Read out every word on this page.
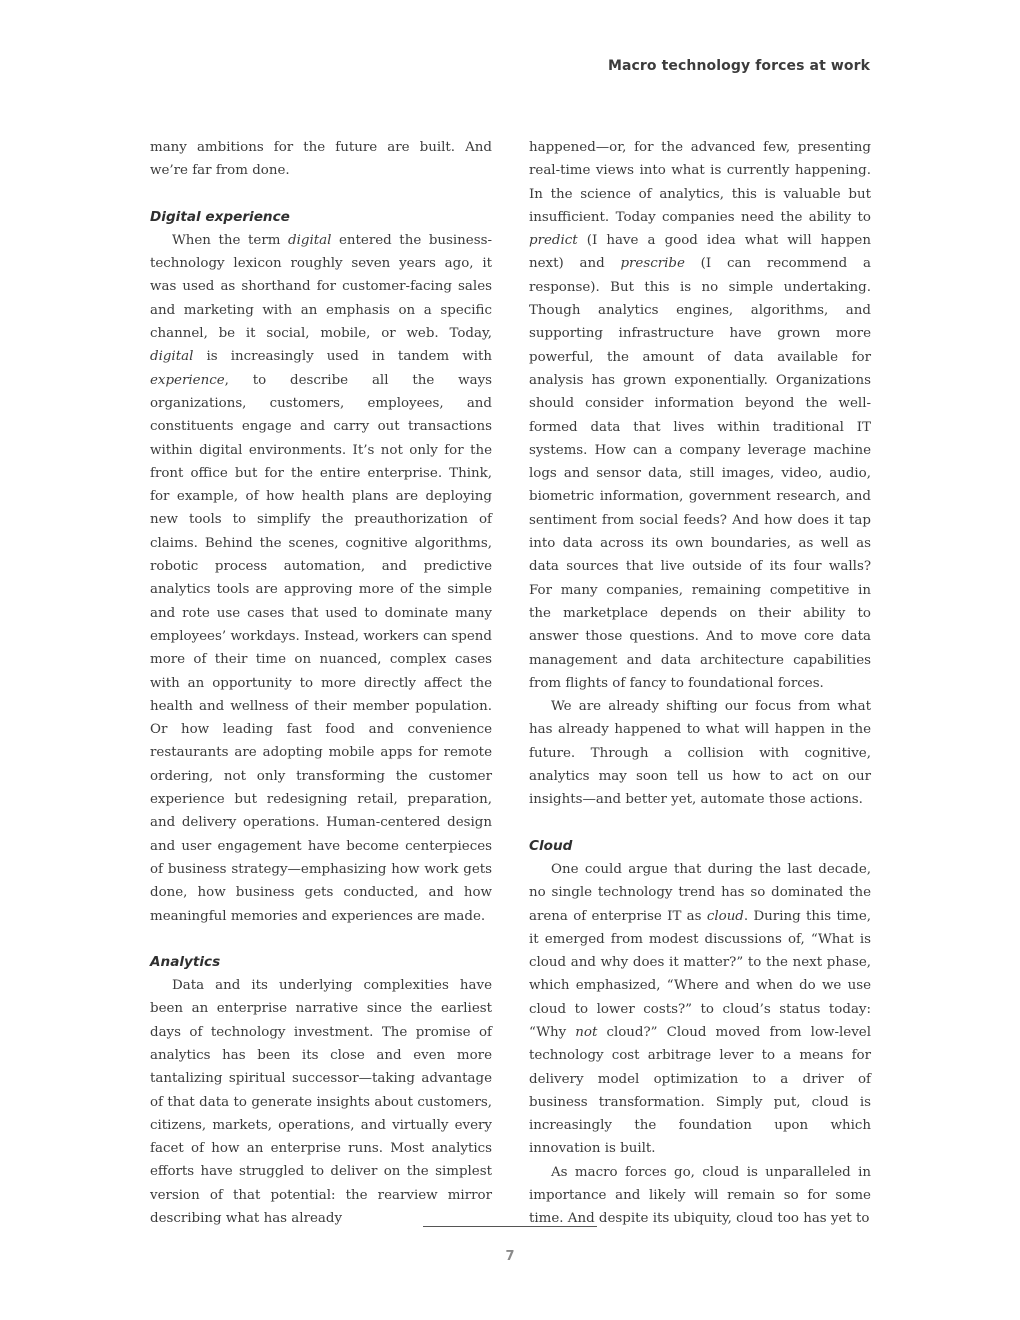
Macro technology forces at work

many ambitions for the future are built. And we’re far from done.

Digital experience

When the term digital entered the business-technology lexicon roughly seven years ago, it was used as shorthand for customer-facing sales and marketing with an emphasis on a specific channel, be it social, mobile, or web. Today, digital is increasingly used in tandem with experience, to describe all the ways organizations, customers, employees, and constituents engage and carry out transactions within digital environments. It’s not only for the front office but for the entire enterprise. Think, for example, of how health plans are deploying new tools to simplify the preauthorization of claims. Behind the scenes, cognitive algorithms, robotic process automation, and predictive analytics tools are approving more of the simple and rote use cases that used to dominate many employees’ workdays. Instead, workers can spend more of their time on nuanced, complex cases with an opportunity to more directly affect the health and wellness of their member population. Or how leading fast food and convenience restaurants are adopting mobile apps for remote ordering, not only transforming the customer experience but redesigning retail, preparation, and delivery operations. Human-centered design and user engagement have become centerpieces of business strategy—emphasizing how work gets done, how business gets conducted, and how meaningful memories and experiences are made.

Analytics

Data and its underlying complexities have been an enterprise narrative since the earliest days of technology investment. The promise of analytics has been its close and even more tantalizing spiritual successor—taking advantage of that data to generate insights about customers, citizens, markets, operations, and virtually every facet of how an enterprise runs. Most analytics efforts have struggled to deliver on the simplest version of that potential: the rearview mirror describing what has already

happened—or, for the advanced few, presenting real-time views into what is currently happening. In the science of analytics, this is valuable but insufficient. Today companies need the ability to predict (I have a good idea what will happen next) and prescribe (I can recommend a response). But this is no simple undertaking. Though analytics engines, algorithms, and supporting infrastructure have grown more powerful, the amount of data available for analysis has grown exponentially. Organizations should consider information beyond the well-formed data that lives within traditional IT systems. How can a company leverage machine logs and sensor data, still images, video, audio, biometric information, government research, and sentiment from social feeds? And how does it tap into data across its own boundaries, as well as data sources that live outside of its four walls? For many companies, remaining competitive in the marketplace depends on their ability to answer those questions. And to move core data management and data architecture capabilities from flights of fancy to foundational forces.

We are already shifting our focus from what has already happened to what will happen in the future. Through a collision with cognitive, analytics may soon tell us how to act on our insights—and better yet, automate those actions.

Cloud

One could argue that during the last decade, no single technology trend has so dominated the arena of enterprise IT as cloud. During this time, it emerged from modest discussions of, “What is cloud and why does it matter?” to the next phase, which emphasized, “Where and when do we use cloud to lower costs?” to cloud’s status today: “Why not cloud?” Cloud moved from low-level technology cost arbitrage lever to a means for delivery model optimization to a driver of business transformation. Simply put, cloud is increasingly the foundation upon which innovation is built.

As macro forces go, cloud is unparalleled in importance and likely will remain so for some time. And despite its ubiquity, cloud too has yet to

7
